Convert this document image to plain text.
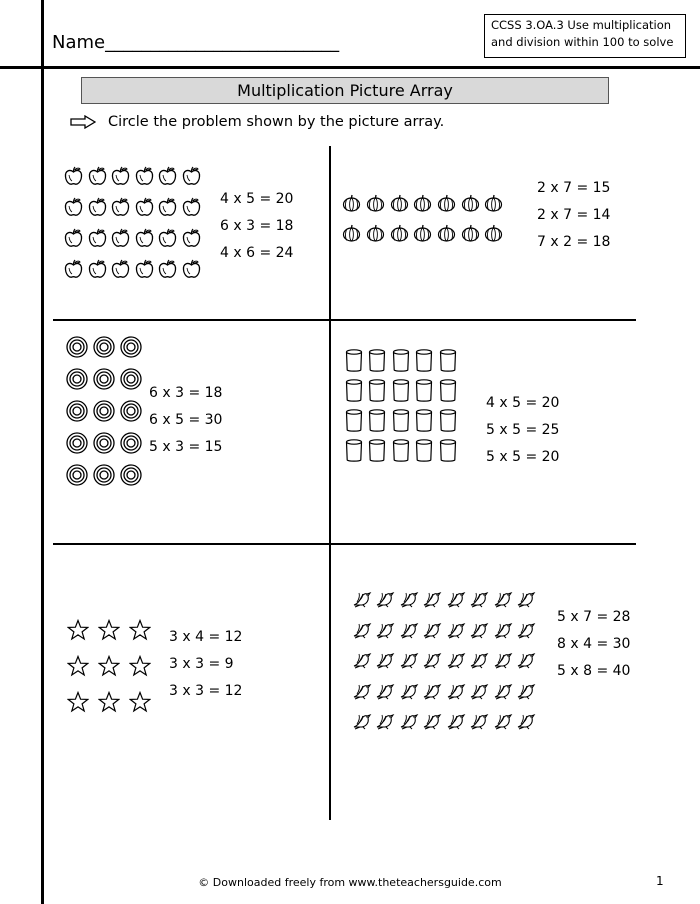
Name__________________________
CCSS 3.OA.3 Use multiplication
and division within 100 to solve
Multiplication Picture Array
Circle the problem shown by the picture array.
4 x 5 = 20
6 x 3 = 18
4 x 6 = 24
2 x 7 = 15
2 x 7 = 14
7 x 2 = 18
6 x 3 = 18
6 x 5 = 30
5 x 3 = 15
4 x 5 = 20
5 x 5 = 25
5 x 5 = 20
3 x 4 = 12
3 x 3 = 9
3 x 3 = 12
5 x 7 = 28
8 x 4 = 30
5 x 8 = 40
© Downloaded freely from www.theteachersguide.com	1
